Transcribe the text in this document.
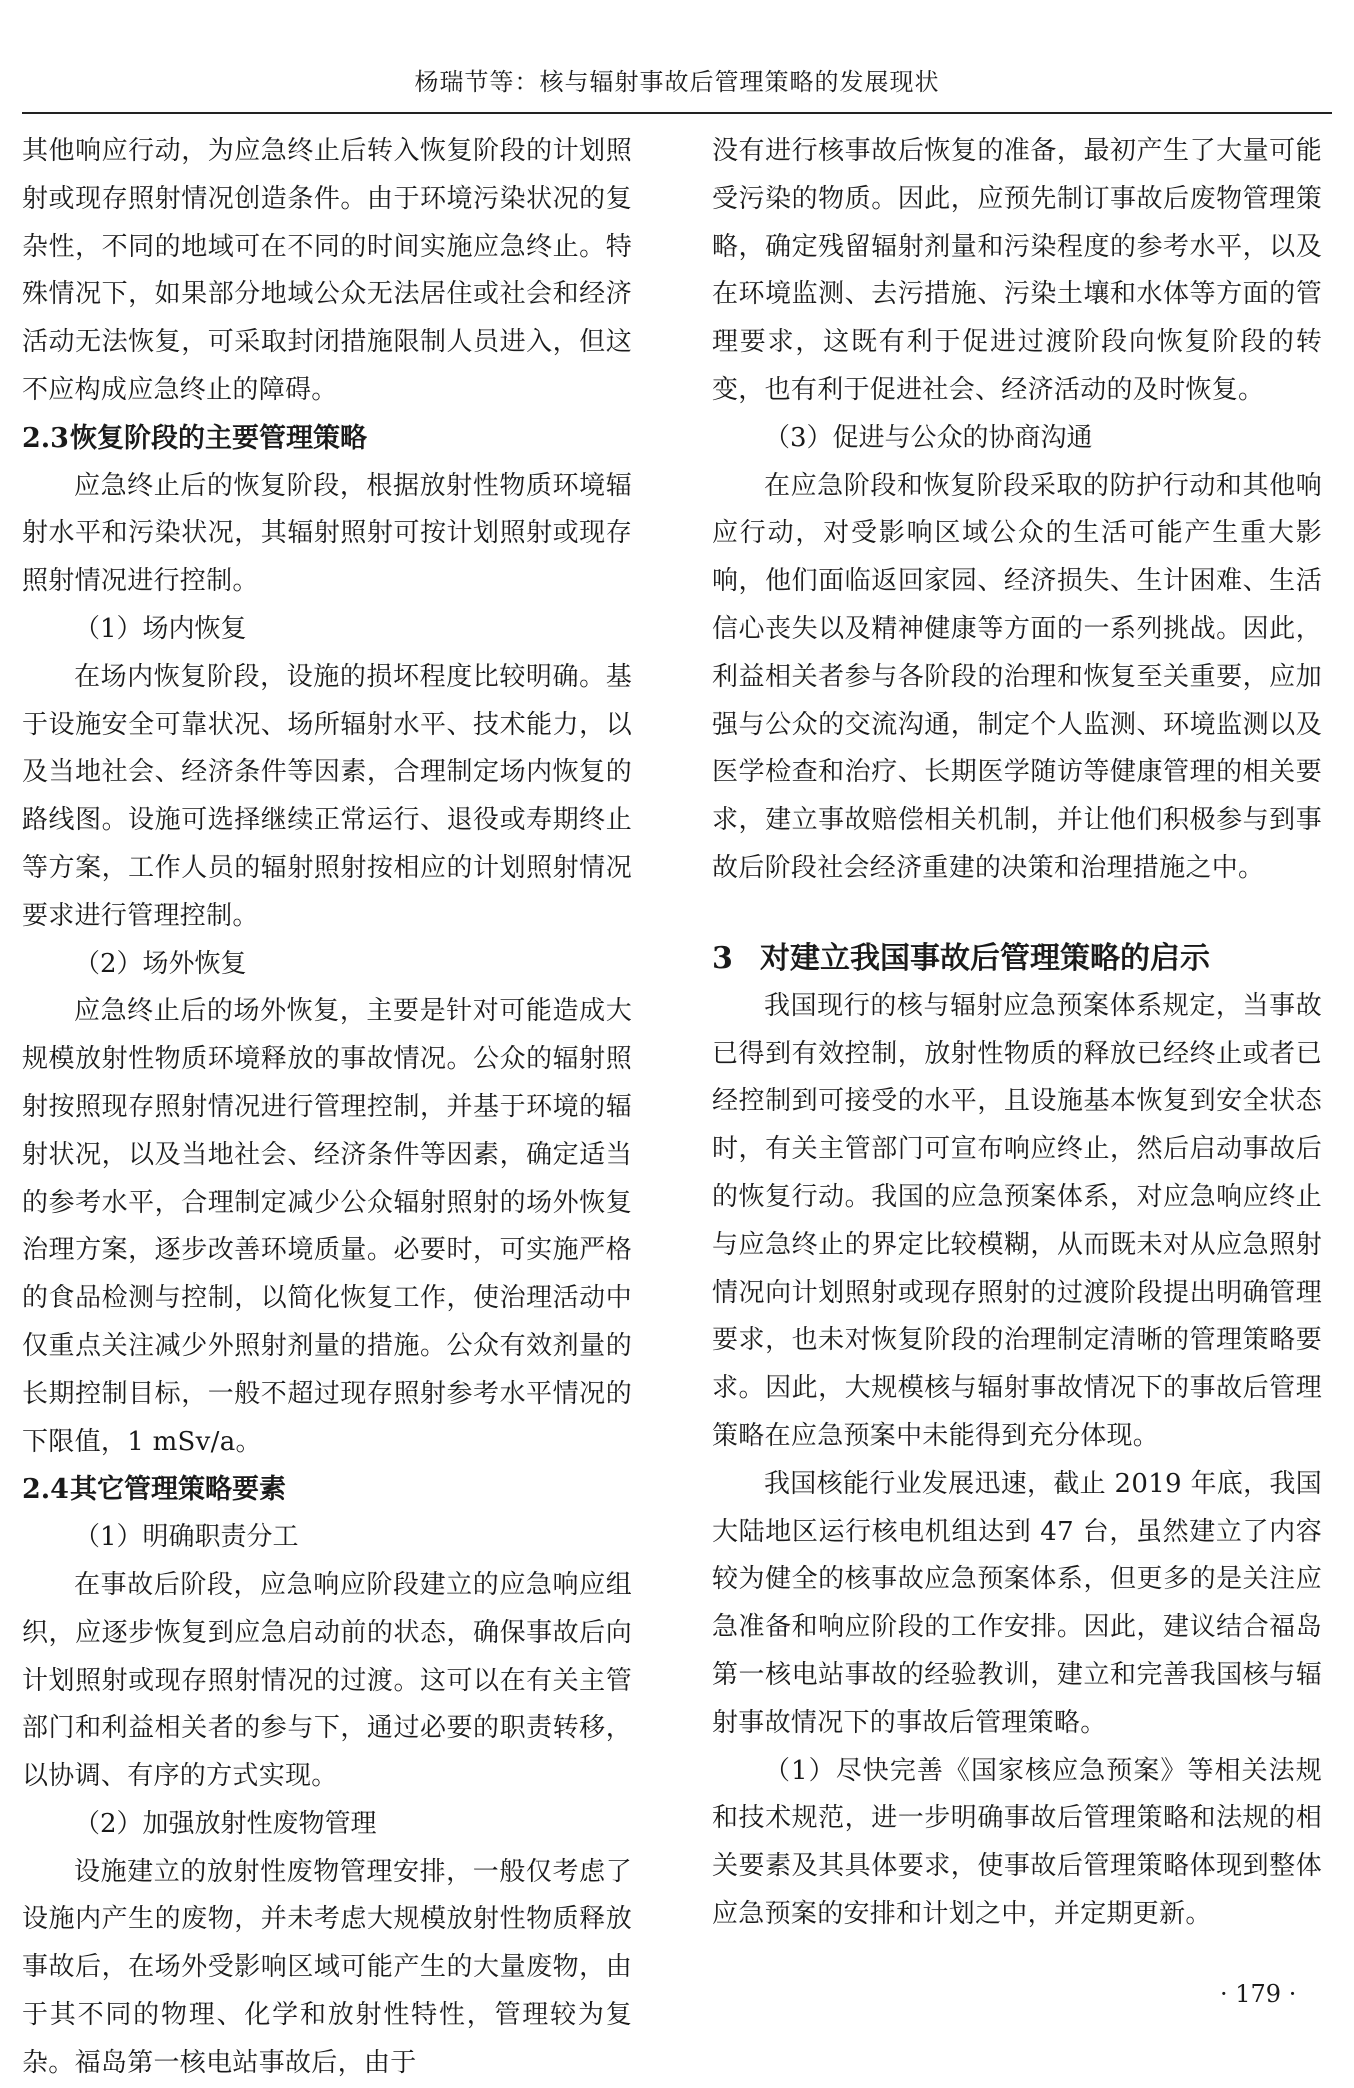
杨瑞节等：核与辐射事故后管理策略的发展现状

其他响应行动，为应急终止后转入恢复阶段的计划照射或现存照射情况创造条件。由于环境污染状况的复杂性，不同的地域可在不同的时间实施应急终止。特殊情况下，如果部分地域公众无法居住或社会和经济活动无法恢复，可采取封闭措施限制人员进入，但这不应构成应急终止的障碍。

2.3恢复阶段的主要管理策略

应急终止后的恢复阶段，根据放射性物质环境辐射水平和污染状况，其辐射照射可按计划照射或现存照射情况进行控制。

（1）场内恢复

在场内恢复阶段，设施的损坏程度比较明确。基于设施安全可靠状况、场所辐射水平、技术能力，以及当地社会、经济条件等因素，合理制定场内恢复的路线图。设施可选择继续正常运行、退役或寿期终止等方案，工作人员的辐射照射按相应的计划照射情况要求进行管理控制。

（2）场外恢复

应急终止后的场外恢复，主要是针对可能造成大规模放射性物质环境释放的事故情况。公众的辐射照射按照现存照射情况进行管理控制，并基于环境的辐射状况，以及当地社会、经济条件等因素，确定适当的参考水平，合理制定减少公众辐射照射的场外恢复治理方案，逐步改善环境质量。必要时，可实施严格的食品检测与控制，以简化恢复工作，使治理活动中仅重点关注减少外照射剂量的措施。公众有效剂量的长期控制目标，一般不超过现存照射参考水平情况的下限值，1 mSv/a。

2.4其它管理策略要素

（1）明确职责分工

在事故后阶段，应急响应阶段建立的应急响应组织，应逐步恢复到应急启动前的状态，确保事故后向计划照射或现存照射情况的过渡。这可以在有关主管部门和利益相关者的参与下，通过必要的职责转移，以协调、有序的方式实现。

（2）加强放射性废物管理

设施建立的放射性废物管理安排，一般仅考虑了设施内产生的废物，并未考虑大规模放射性物质释放事故后，在场外受影响区域可能产生的大量废物，由于其不同的物理、化学和放射性特性，管理较为复杂。福岛第一核电站事故后，由于

没有进行核事故后恢复的准备，最初产生了大量可能受污染的物质。因此，应预先制订事故后废物管理策略，确定残留辐射剂量和污染程度的参考水平，以及在环境监测、去污措施、污染土壤和水体等方面的管理要求，这既有利于促进过渡阶段向恢复阶段的转变，也有利于促进社会、经济活动的及时恢复。

（3）促进与公众的协商沟通

在应急阶段和恢复阶段采取的防护行动和其他响应行动，对受影响区域公众的生活可能产生重大影响，他们面临返回家园、经济损失、生计困难、生活信心丧失以及精神健康等方面的一系列挑战。因此，利益相关者参与各阶段的治理和恢复至关重要，应加强与公众的交流沟通，制定个人监测、环境监测以及医学检查和治疗、长期医学随访等健康管理的相关要求，建立事故赔偿相关机制，并让他们积极参与到事故后阶段社会经济重建的决策和治理措施之中。

3 对建立我国事故后管理策略的启示

我国现行的核与辐射应急预案体系规定，当事故已得到有效控制，放射性物质的释放已经终止或者已经控制到可接受的水平，且设施基本恢复到安全状态时，有关主管部门可宣布响应终止，然后启动事故后的恢复行动。我国的应急预案体系，对应急响应终止与应急终止的界定比较模糊，从而既未对从应急照射情况向计划照射或现存照射的过渡阶段提出明确管理要求，也未对恢复阶段的治理制定清晰的管理策略要求。因此，大规模核与辐射事故情况下的事故后管理策略在应急预案中未能得到充分体现。

我国核能行业发展迅速，截止 2019 年底，我国大陆地区运行核电机组达到 47 台，虽然建立了内容较为健全的核事故应急预案体系，但更多的是关注应急准备和响应阶段的工作安排。因此，建议结合福岛第一核电站事故的经验教训，建立和完善我国核与辐射事故情况下的事故后管理策略。

（1）尽快完善《国家核应急预案》等相关法规和技术规范，进一步明确事故后管理策略和法规的相关要素及其具体要求，使事故后管理策略体现到整体应急预案的安排和计划之中，并定期更新。

· 179 ·
